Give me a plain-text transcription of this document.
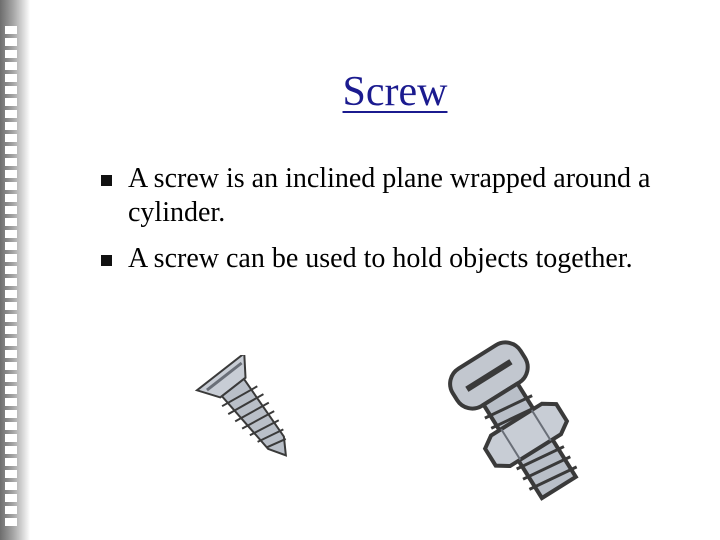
Screw
A screw is an inclined plane wrapped around a cylinder.
A screw can be used to hold objects together.
